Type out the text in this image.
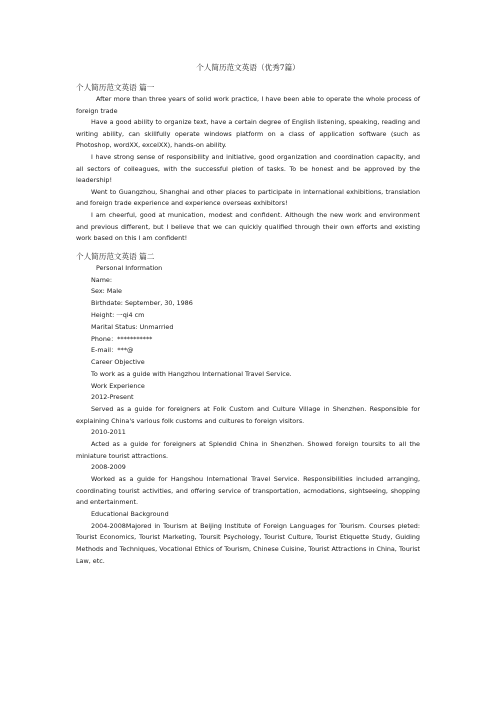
个人简历范文英语（优秀7篇）
个人简历范文英语 篇一

After more than three years of solid work practice, I have been able to operate the whole process of foreign trade

Have a good ability to organize text, have a certain degree of English listening, speaking, reading and writing ability, can skillfully operate windows platform on a class of application software (such as Photoshop, wordXX, excelXX), hands-on ability.

I have strong sense of responsibility and initiative, good organization and coordination capacity, and all sectors of colleagues, with the successful pletion of tasks. To be honest and be approved by the leadership!

Went to Guangzhou, Shanghai and other places to participate in international exhibitions, translation and foreign trade experience and experience overseas exhibitors!

I am cheerful, good at munication, modest and confident. Although the new work and environment and previous different, but I believe that we can quickly qualified through their own efforts and existing work based on this I am confident!

个人简历范文英语 篇二

Personal Information

Name:

Sex: Male

Birthdate: September, 30, 1986

Height: 一qi4 cm

Marital Status: Unmarried

Phone：***********

E-mail：***@

Career Objective

To work as a guide with Hangzhou International Travel Service.

Work Experience

2012-Present

Served as a guide for foreigners at Folk Custom and Culture Village in Shenzhen. Responsible for explaining China's various folk customs and cultures to foreign visitors.

2010-2011

Acted as a guide for foreigners at Splendid China in Shenzhen. Showed foreign toursits to all the miniature tourist attractions.

2008-2009

Worked as a guide for Hangshou International Travel Service. Responsibilities included arranging, coordinating tourist activities, and offering service of transportation, acmodations, sightseeing, shopping and entertainment.

Educational Background

2004-2008Majored in Tourism at Beijing Institute of Foreign Languages for Tourism. Courses pleted: Tourist Economics, Tourist Marketing, Toursit Psychology, Tourist Culture, Tourist Etiquette Study, Guiding Methods and Techniques, Vocational Ethics of Tourism, Chinese Cuisine, Tourist Attractions in China, Tourist Law, etc.
